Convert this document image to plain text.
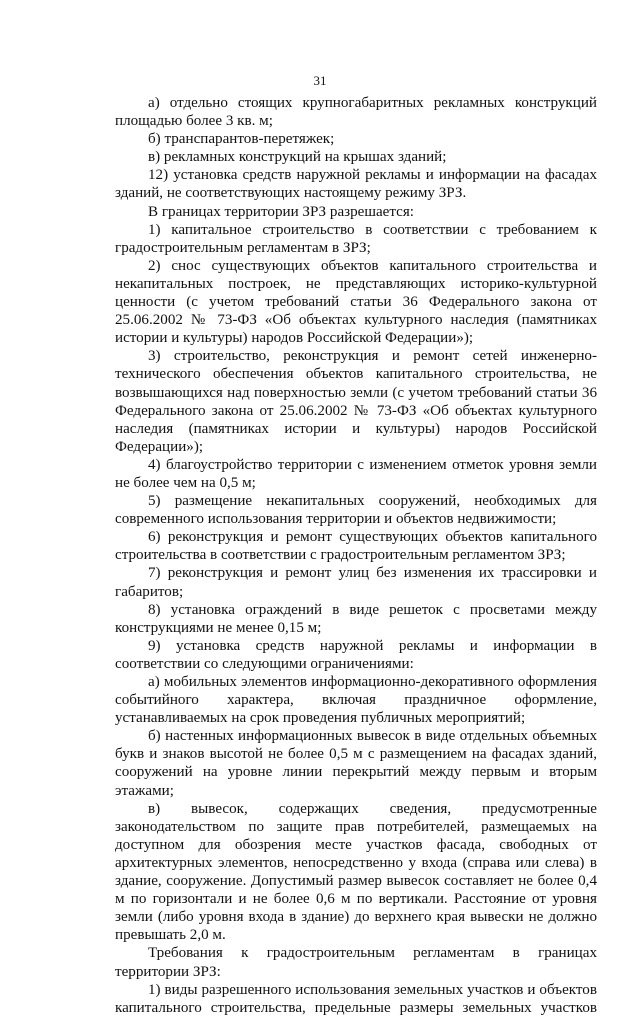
31

а) отдельно стоящих крупногабаритных рекламных конструкций площадью более 3 кв. м;

б) транспарантов-перетяжек;

в) рекламных конструкций на крышах зданий;

12) установка средств наружной рекламы и информации на фасадах зданий, не соответствующих настоящему режиму ЗРЗ.

В границах территории ЗРЗ разрешается:

1) капитальное строительство в соответствии с требованием к градостроительным регламентам в ЗРЗ;

2) снос существующих объектов капитального строительства и некапитальных построек, не представляющих историко-культурной ценности (с учетом требований статьи 36 Федерального закона от 25.06.2002 № 73-ФЗ «Об объектах культурного наследия (памятниках истории и культуры) народов Российской Федерации»);

3) строительство, реконструкция и ремонт сетей инженерно-технического обеспечения объектов капитального строительства, не возвышающихся над поверхностью земли (с учетом требований статьи 36 Федерального закона от 25.06.2002 № 73-ФЗ «Об объектах культурного наследия (памятниках истории и культуры) народов Российской Федерации»);

4) благоустройство территории с изменением отметок уровня земли не более чем на 0,5 м;

5) размещение некапитальных сооружений, необходимых для современного использования территории и объектов недвижимости;

6) реконструкция и ремонт существующих объектов капитального строительства в соответствии с градостроительным регламентом ЗРЗ;

7) реконструкция и ремонт улиц без изменения их трассировки и габаритов;

8) установка ограждений в виде решеток с просветами между конструкциями не менее 0,15 м;

9) установка средств наружной рекламы и информации в соответствии со следующими ограничениями:

а) мобильных элементов информационно-декоративного оформления событийного характера, включая праздничное оформление, устанавливаемых на срок проведения публичных мероприятий;

б) настенных информационных вывесок в виде отдельных объемных букв и знаков высотой не более 0,5 м с размещением на фасадах зданий, сооружений на уровне линии перекрытий между первым и вторым этажами;

в) вывесок, содержащих сведения, предусмотренные законодательством по защите прав потребителей, размещаемых на доступном для обозрения месте участков фасада, свободных от архитектурных элементов, непосредственно у входа (справа или слева) в здание, сооружение. Допустимый размер вывесок составляет не более 0,4 м по горизонтали и не более 0,6 м по вертикали. Расстояние от уровня земли (либо уровня входа в здание) до верхнего края вывески не должно превышать 2,0 м.

Требования к градостроительным регламентам в границах территории ЗРЗ:

1) виды разрешенного использования земельных участков и объектов капитального строительства, предельные размеры земельных участков
